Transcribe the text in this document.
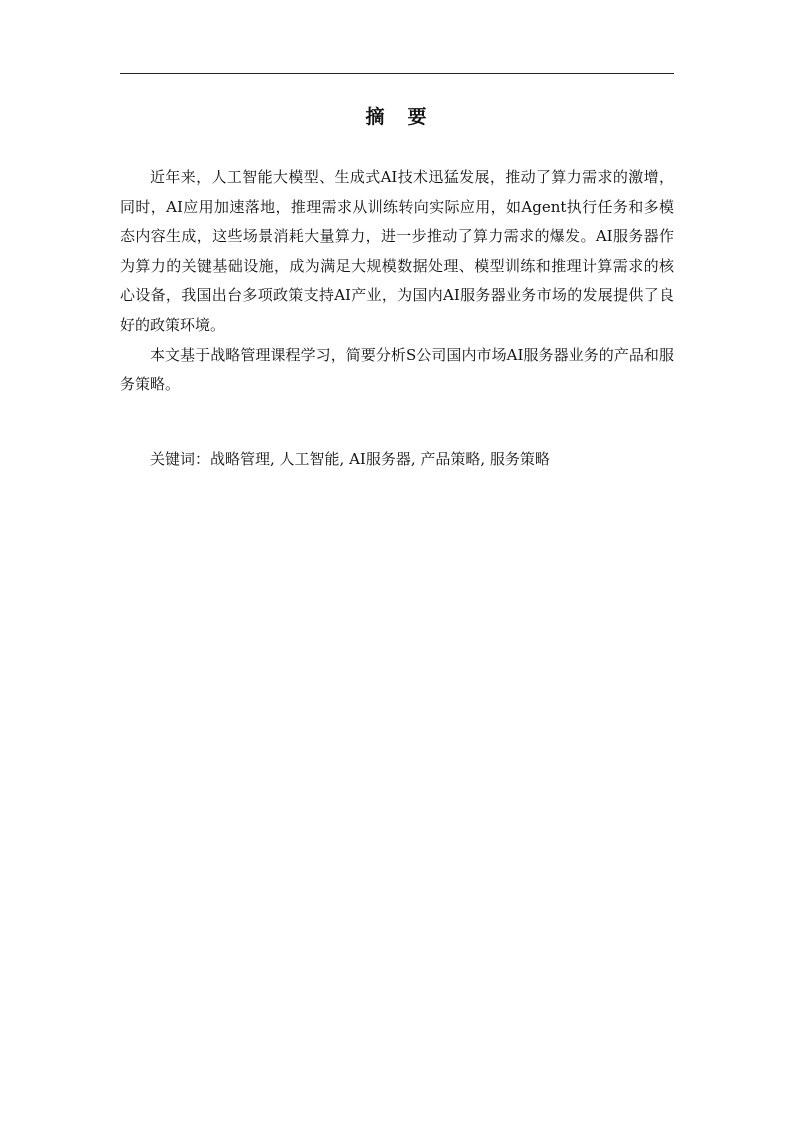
摘　要

近年来，人工智能大模型、生成式AI技术迅猛发展，推动了算力需求的激增，同时，AI应用加速落地，推理需求从训练转向实际应用，如Agent执行任务和多模态内容生成，这些场景消耗大量算力，进一步推动了算力需求的爆发。AI服务器作为算力的关键基础设施，成为满足大规模数据处理、模型训练和推理计算需求的核心设备，我国出台多项政策支持AI产业，为国内AI服务器业务市场的发展提供了良好的政策环境。

本文基于战略管理课程学习，简要分析S公司国内市场AI服务器业务的产品和服务策略。

关键词：战略管理, 人工智能, AI服务器, 产品策略, 服务策略
